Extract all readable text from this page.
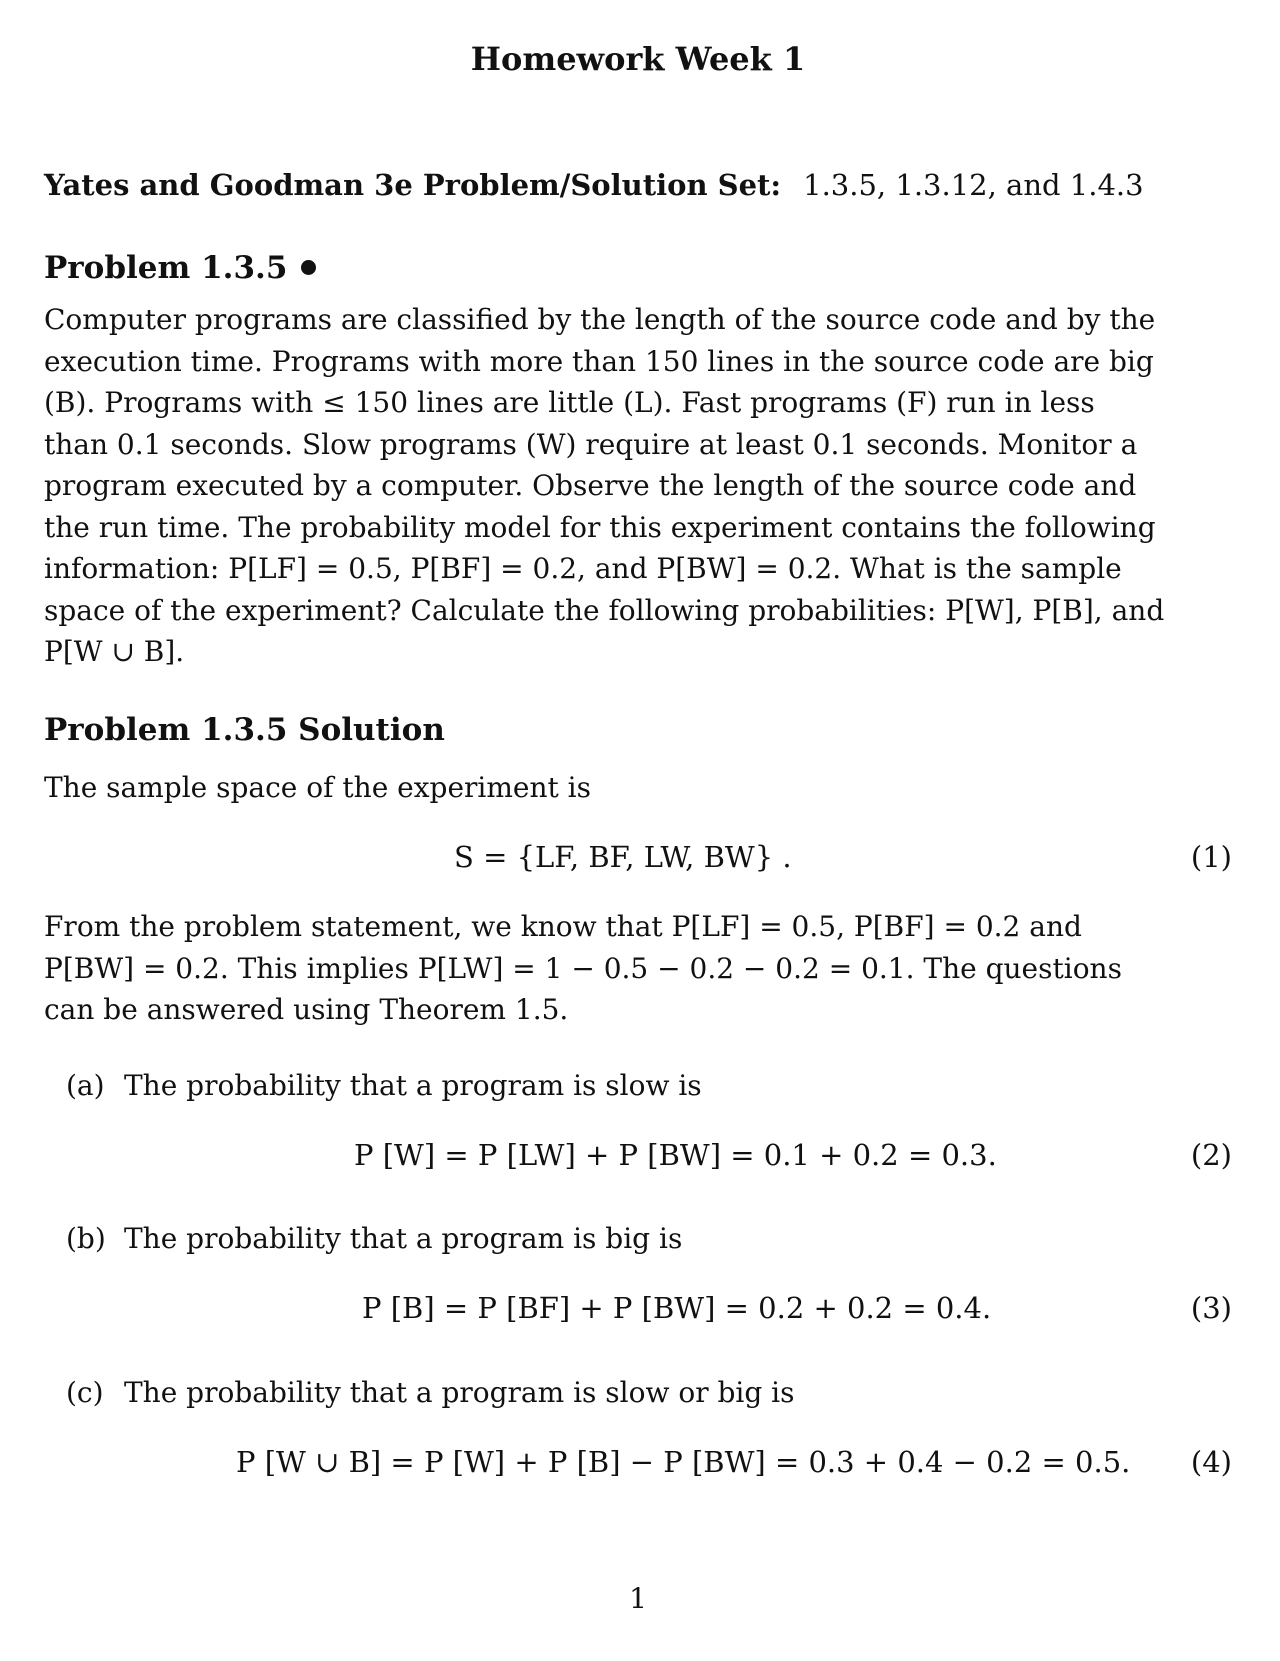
Homework Week 1
Yates and Goodman 3e Problem/Solution Set: 1.3.5, 1.3.12, and 1.4.3
Problem 1.3.5
Computer programs are classified by the length of the source code and by the
execution time. Programs with more than 150 lines in the source code are big
(B). Programs with ≤ 150 lines are little (L). Fast programs (F) run in less
than 0.1 seconds. Slow programs (W) require at least 0.1 seconds. Monitor a
program executed by a computer. Observe the length of the source code and
the run time. The probability model for this experiment contains the following
information: P[LF] = 0.5, P[BF] = 0.2, and P[BW] = 0.2. What is the sample
space of the experiment? Calculate the following probabilities: P[W], P[B], and
P[W ∪ B].
Problem 1.3.5 Solution
The sample space of the experiment is
S = {LF, BF, LW, BW} .	(1)
From the problem statement, we know that P[LF] = 0.5, P[BF] = 0.2 and
P[BW] = 0.2. This implies P[LW] = 1 − 0.5 − 0.2 − 0.2 = 0.1. The questions
can be answered using Theorem 1.5.
(a) The probability that a program is slow is
P [W] = P [LW] + P [BW] = 0.1 + 0.2 = 0.3.	(2)
(b) The probability that a program is big is
P [B] = P [BF] + P [BW] = 0.2 + 0.2 = 0.4.	(3)
(c) The probability that a program is slow or big is
P [W ∪ B] = P [W] + P [B] − P [BW] = 0.3 + 0.4 − 0.2 = 0.5. (4)
1
